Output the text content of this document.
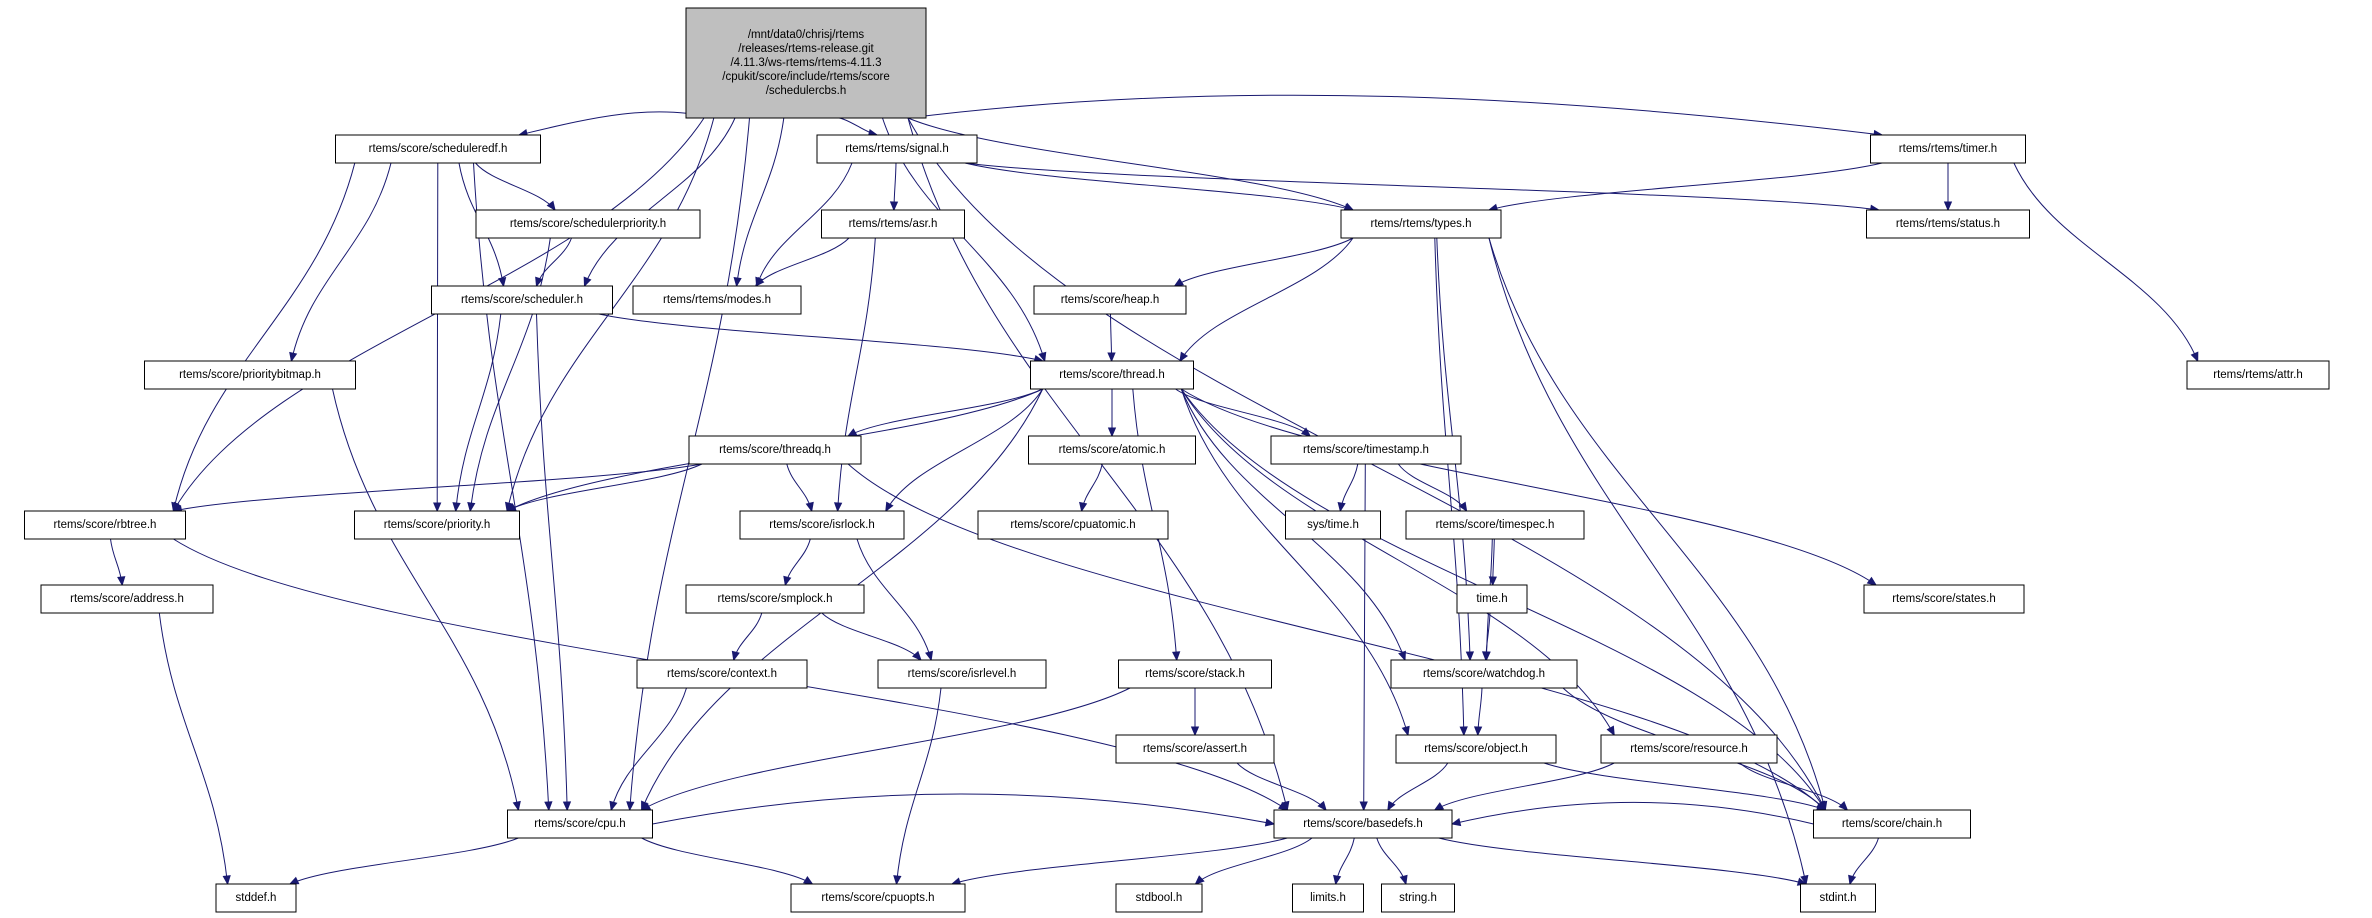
/mnt/data0/chrisj/rtems /releases/rtems-release.git /4.11.3/ws-rtems/rtems-4.11.3 /cpukit/score/include/rtems/score /schedulercbs.h
rtems/score/scheduleredf.h	rtems/rtems/signal.h	rtems/rtems/timer.h
rtems/score/schedulerpriority.h	rtems/rtems/asr.h	rtems/rtems/types.h	rtems/rtems/status.h
rtems/score/scheduler.h	rtems/rtems/modes.h	rtems/score/heap.h
rtems/score/prioritybitmap.h	rtems/score/thread.h	rtems/rtems/attr.h
rtems/score/threadq.h	rtems/score/atomic.h	rtems/score/timestamp.h
rtems/score/rbtree.h	rtems/score/priority.h	rtems/score/isrlock.h	rtems/score/cpuatomic.h	sys/time.h	rtems/score/timespec.h
rtems/score/address.h	rtems/score/smplock.h	time.h	rtems/score/states.h
rtems/score/context.h	rtems/score/isrlevel.h	rtems/score/stack.h	rtems/score/watchdog.h
rtems/score/assert.h	rtems/score/object.h	rtems/score/resource.h
rtems/score/cpu.h	rtems/score/basedefs.h	rtems/score/chain.h
stddef.h	rtems/score/cpuopts.h	stdbool.h	limits.h	string.h	stdint.h
